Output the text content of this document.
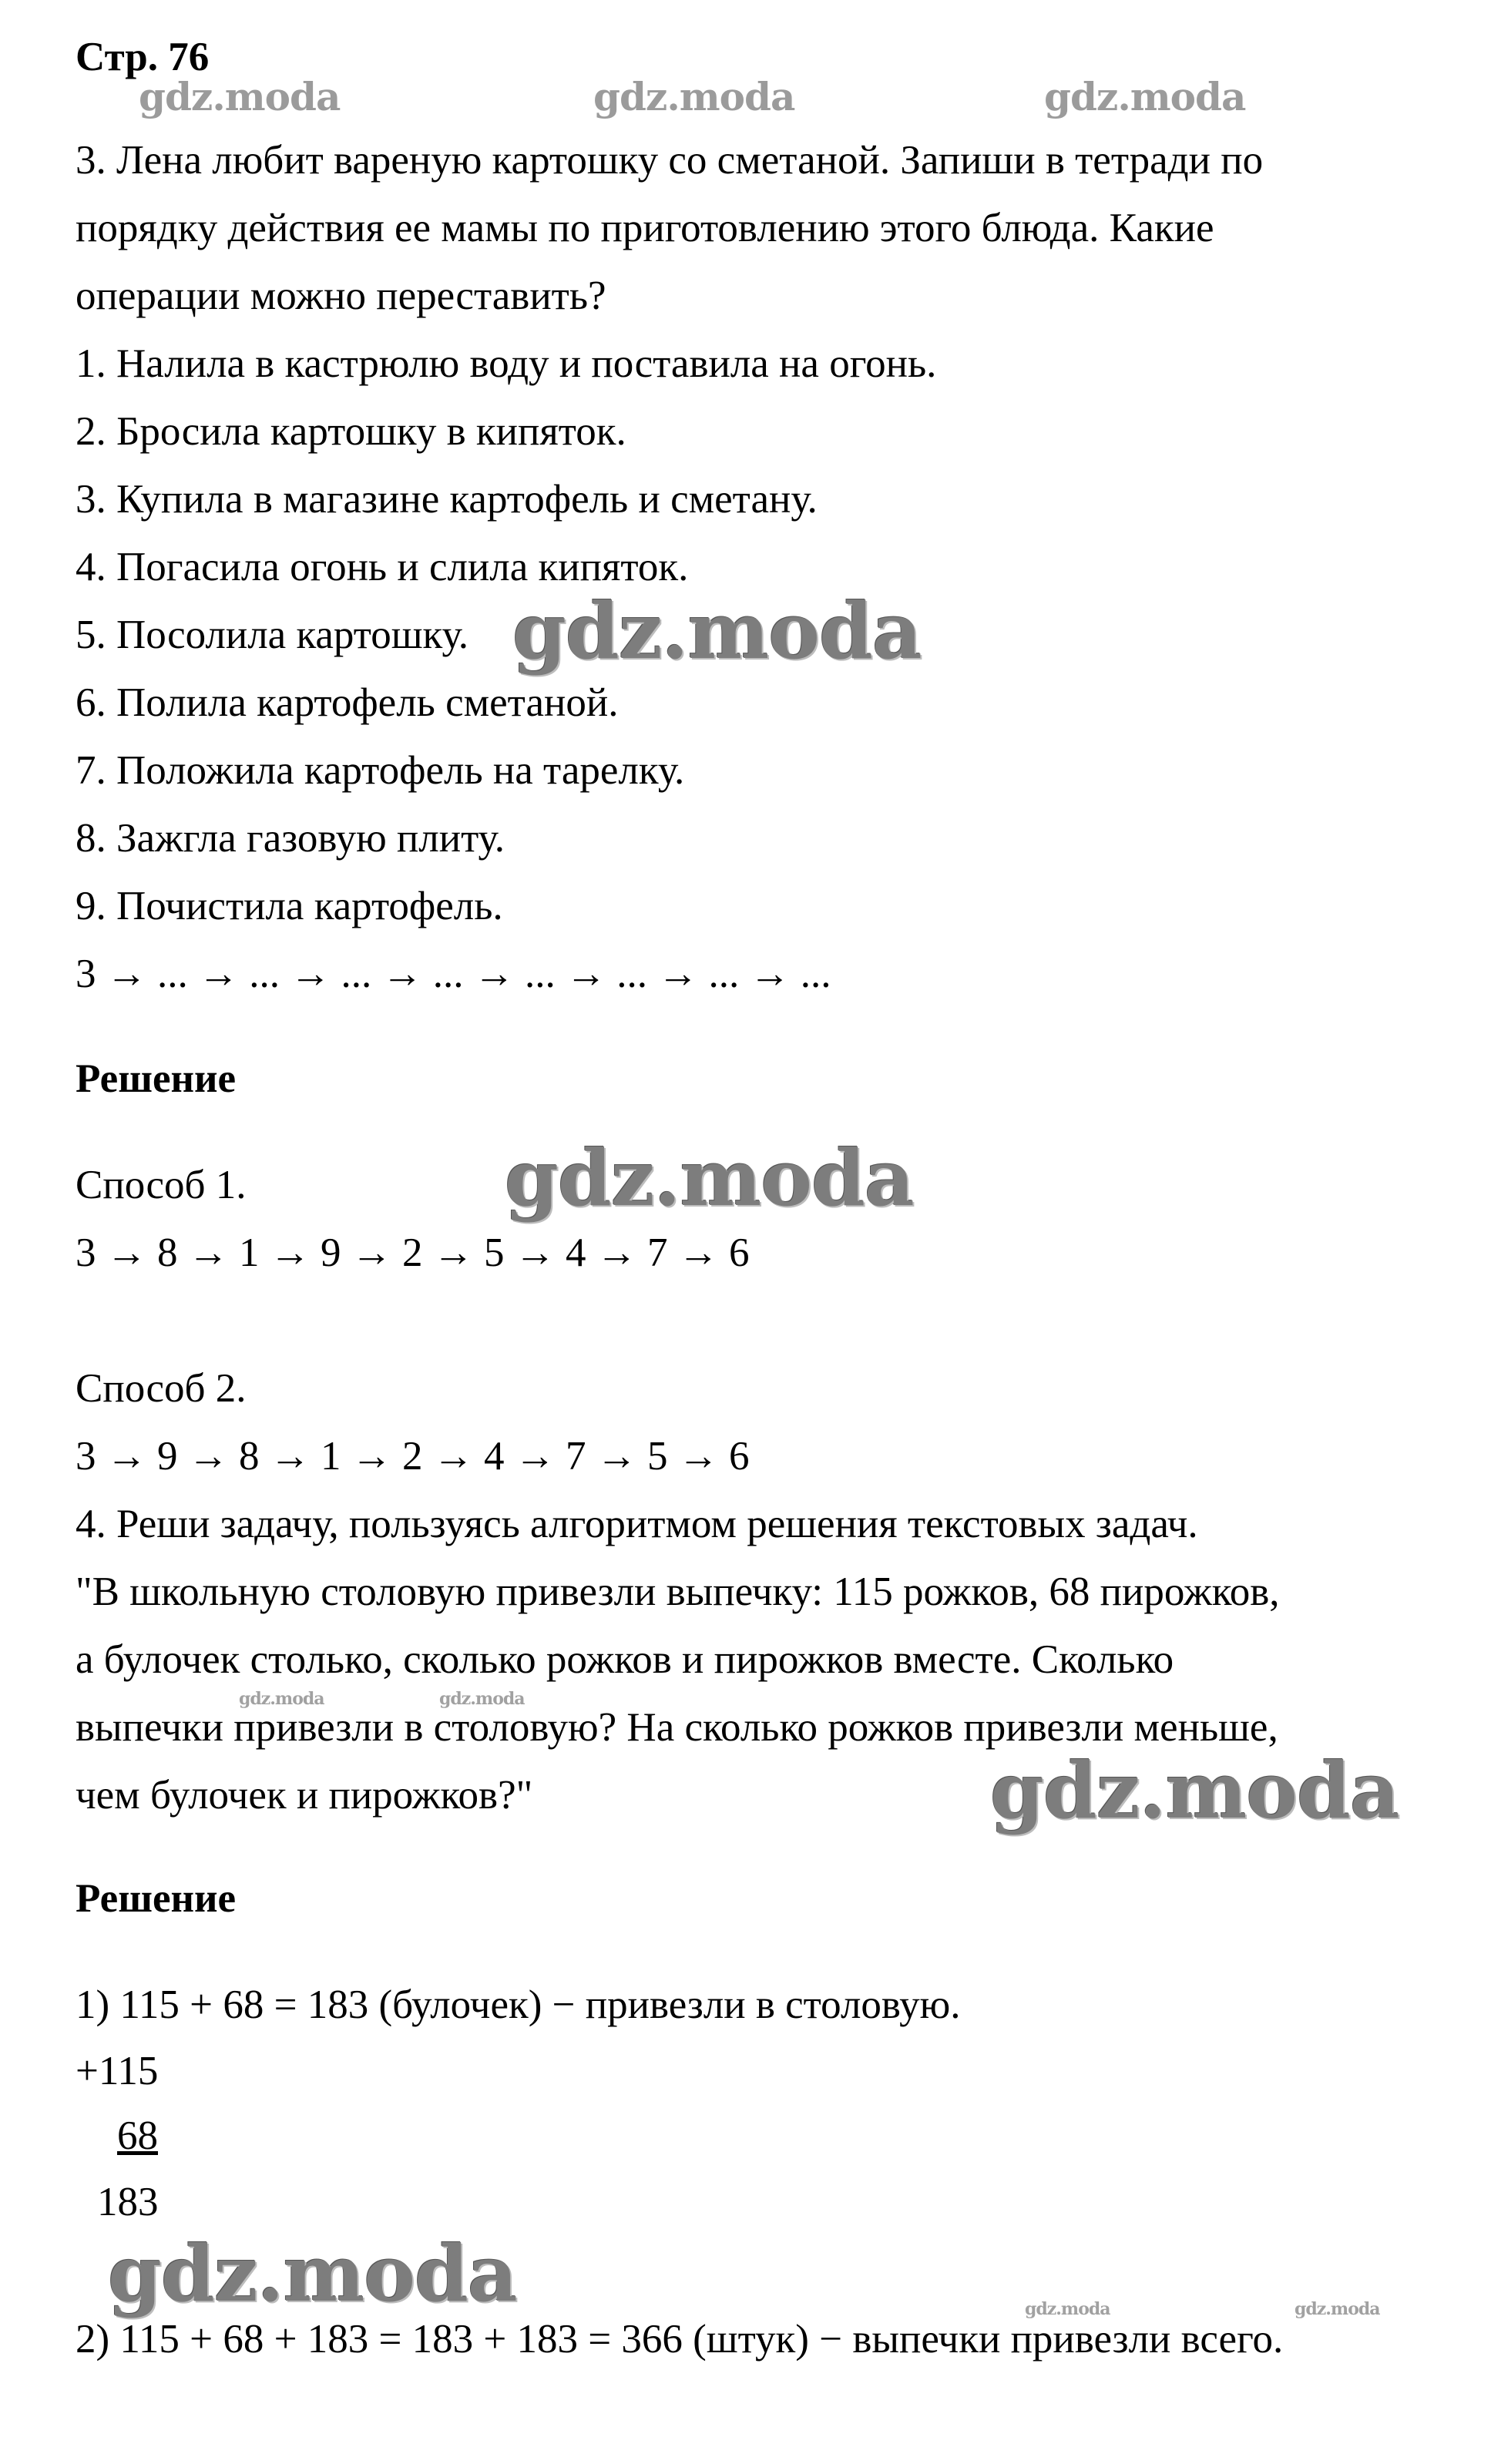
Стр. 76
gdz.moda	gdz.moda	gdz.moda
3. Лена любит вареную картошку со сметаной. Запиши в тетради по
порядку действия ее мамы по приготовлению этого блюда. Какие
операции можно переставить?
1. Налила в кастрюлю воду и поставила на огонь.
2. Бросила картошку в кипяток.
3. Купила в магазине картофель и сметану.
4. Погасила огонь и слила кипяток.
5. Посолила картошку. gdz.moda
6. Полила картофель сметаной.
7. Положила картофель на тарелку.
8. Зажгла газовую плиту.
9. Почистила картофель.
3 → ... → ... → ... → ... → ... → ... → ... → ...
Решение
Способ 1.	gdz.moda
3 → 8 → 1 → 9 → 2 → 5 → 4 → 7 → 6
Способ 2.
3 → 9 → 8 → 1 → 2 → 4 → 7 → 5 → 6
4. Реши задачу, пользуясь алгоритмом решения текстовых задач.
"В школьную столовую привезли выпечку: 115 рожков, 68 пирожков,
а булочек столько, сколько рожков и пирожков вместе. Сколько
gdz.moda	gdz.moda
выпечки привезли в столовую? На сколько рожков привезли меньше,
чем булочек и пирожков?"	gdz.moda
Решение
1) 115 + 68 = 183 (булочек) − привезли в столовую.
+115
68
183
gdz.moda	gdz.moda	gdz.moda
2) 115 + 68 + 183 = 183 + 183 = 366 (штук) − выпечки привезли всего.
